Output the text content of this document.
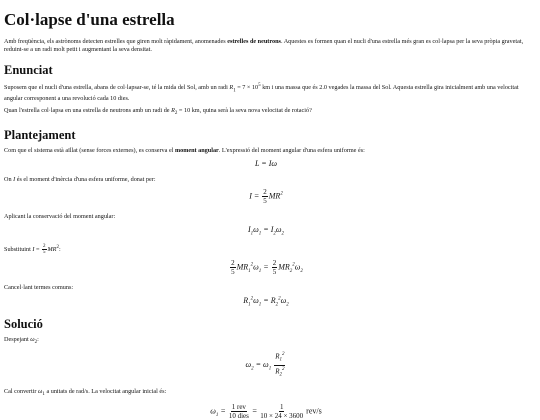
Col·lapse d'una estrella

Amb freqüència, els astrònoms detecten estrelles que giren molt ràpidament, anomenades estrelles de neutrons. Aquestes es formen quan el nucli d'una estrella més gran es col·lapsa per la seva pròpia gravetat, reduint-se a un radi molt petit i augmentant la seva densitat.

Enunciat

Suposem que el nucli d'una estrella, abans de col·lapsar-se, té la mida del Sol, amb un radi $R_1 = 7 \times 10^5$ km i una massa que és 2.0 vegades la massa del Sol. Aquesta estrella gira inicialment amb una velocitat angular corresponent a una revolució cada 10 dies.

Quan l'estrella col·lapsa en una estrella de neutrons amb un radi de $R_2 = 10$ km, quina serà la seva nova velocitat de rotació?

Plantejament

Com que el sistema està aïllat (sense forces externes), es conserva el moment angular. L'expressió del moment angular d'una esfera uniforme és:

L = Iω

On I és el moment d'inèrcia d'una esfera uniforme, donat per:

$I = \frac{2}{5} MR^2$

Aplicant la conservació del moment angular:

$I_1\omega_1 = I_2\omega_2$

Substituint $I = \frac{2}{5} MR^2$:

$\frac{2}{5} MR_1^2\omega_1 = \frac{2}{5} MR_2^2\omega_2$

Cancel·lant termes comuns:

$R_1^2\omega_1 = R_2^2\omega_2$
Solució

Despejant $\omega_2$:

$\omega_2 = \omega_1 \frac{R_1^2}{R_2^2}$

Cal convertir $\omega_1$ a unitats de rad/s. La velocitat angular inicial és:

$\omega_1 = \frac{\text{1 rev}}{\text{10 dies}} = \frac{1}{10 \times 24 \times 3600} rev/s$
